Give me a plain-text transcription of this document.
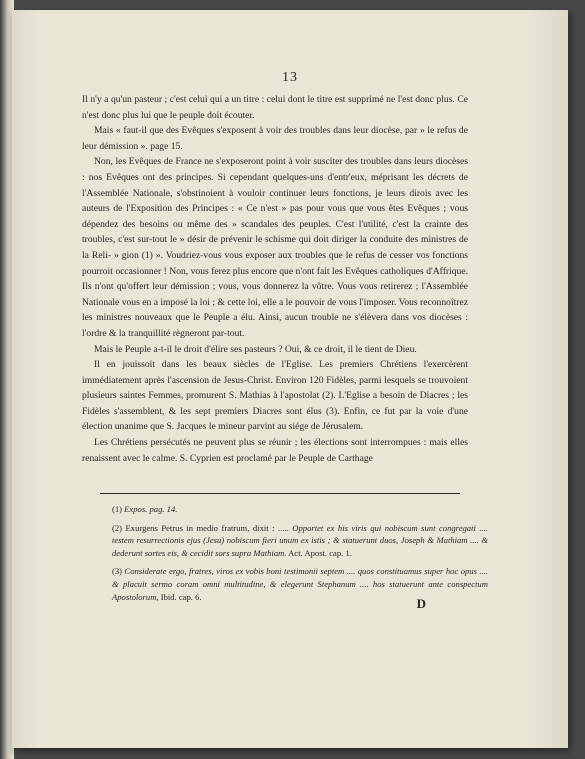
13

Il n'y a qu'un pasteur ; c'est celui qui a un titre : celui dont le titre est supprimé ne l'est donc plus. Ce n'est donc plus lui que le peuple doit écouter.

Mais « faut-il que des Evêques s'exposent à voir des troubles dans leur diocèse, par » le refus de leur démission ». page 15.

Non, les Evêques de France ne s'exposeront point à voir susciter des troubles dans leurs diocèses : nos Evêques ont des principes. Si cependant quelques-uns d'entr'eux, méprisant les décrets de l'Assemblée Nationale, s'obstinoient à vouloir continuer leurs fonctions, je leurs dirois avec les auteurs de l'Exposition des Principes : « Ce n'est » pas pour vous que vous êtes Evêques ; vous dépendez des besoins ou même des » scandales des peuples. C'est l'utilité, c'est la crainte des troubles, c'est sur-tout le » désir de prévenir le schisme qui doit diriger la conduite des ministres de la Reli- » gion (1) ». Voudriez-vous vous exposer aux troubles que le refus de cesser vos fonctions pourroit occasionner ! Non, vous ferez plus encore que n'ont fait les Evêques catholiques d'Affrique. Ils n'ont qu'offert leur démission ; vous, vous donnerez la vôtre. Vous vous retirerez ; l'Assemblée Nationale vous en a imposé la loi ; & cette loi, elle a le pouvoir de vous l'imposer. Vous reconnoîtrez les ministres nouveaux que le Peuple a élu. Ainsi, aucun trouble ne s'élèvera dans vos diocèses : l'ordre & la tranquillité règneront par-tout.

Mais le Peuple a-t-il le droit d'élire ses pasteurs ? Oui, & ce droit, il le tient de Dieu.

Il en jouissoit dans les beaux siècles de l'Eglise. Les premiers Chrétiens l'exercèrent immédiatement après l'ascension de Jesus-Christ. Environ 120 Fidèles, parmi lesquels se trouvoient plusieurs saintes Femmes, promurent S. Mathias à l'apostolat (2). L'Eglise a besoin de Diacres ; les Fidèles s'assemblent, & les sept premiers Diacres sont élus (3). Enfin, ce fut par la voie d'une élection unanime que S. Jacques le mineur parvint au siége de Jérusalem.

Les Chrétiens persécutés ne peuvent plus se réunir ; les élections sont interrompues : mais elles renaissent avec le calme. S. Cyprien est proclamé par le Peuple de Carthage

(1) Expos. pag. 14.

(2) Exurgens Petrus in medio fratrum, dixit : ..... Opportet ex his viris qui nobiscum sunt congregati .... testem resurrectionis ejus (Jesu) nobiscum fieri unum ex istis ; & statuerunt duos, Joseph & Mathiam .... & dederunt sortes eis, & cecidit sors supra Mathiam. Act. Apost. cap. 1.

(3) Considerate ergo, fratres, viros ex vobis boni testimonii septem .... quos constituamus super hoc opus .... & placuit sermo coram omni multitudine, & elegerunt Stephanum .... hos statuerunt ante conspectum Apostolorum, Ibid. cap. 6.	D
